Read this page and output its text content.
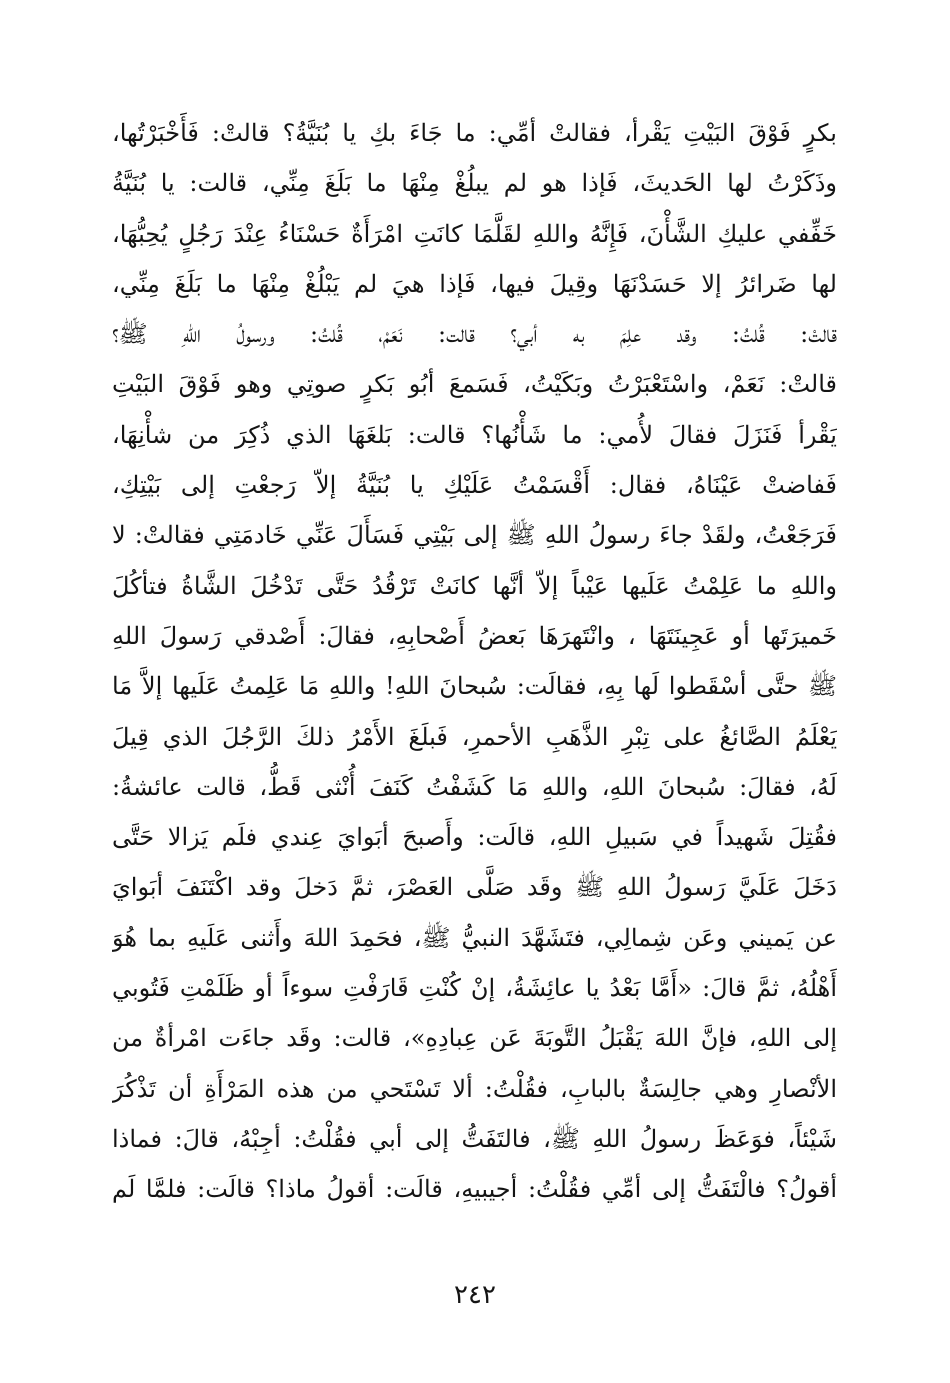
بكرٍ فَوْقَ البَيْتِ يَقْرأ، فقالتْ أمِّي: ما جَاءَ بكِ يا بُنَيَّةُ؟ قالتْ: فَأَخْبَرْتُها،
وذَكَرْتُ لها الحَديثَ، فَإذا هو لم يبلُغْ مِنْهَا ما بَلَغَ مِنِّي، قالت: يا بُنَيَّةُ
خَفِّفي عليكِ الشَّأْنَ، فَإِنَّهُ واللهِ لقَلَّمَا كانَتِ امْرَأَةٌ حَسْنَاءُ عِنْدَ رَجُلٍ يُحِبُّهَا،
لها ضَرائرُ إلا حَسَدْنَهَا وقِيلَ فيها، فَإذا هيَ لم يَبْلُغْ مِنْهَا ما بَلَغَ مِنِّي،
قالتْ: قُلتُ: وقد علِمَ به أبي؟ قالت: نَعَمْ، قُلتُ: ورسولُ اللهِ ﷺ؟
قالتْ: نَعَمْ، واسْتَعْبَرْتُ وبَكَيْتُ، فَسَمعَ أبُو بَكرٍ صوتِي وهو فَوْقَ البَيْتِ
يَقْرأ فَنَزَلَ فقالَ لأُمي: ما شَأْنُها؟ قالت: بَلغَهَا الذي ذُكِرَ من شأْنِهَا،
فَفاضتْ عَيْنَاهُ، فقال: أَقْسَمْتُ عَلَيْكِ يا بُنَيَّةُ إلاّ رَجعْتِ إلى بَيْتِكِ،
فَرَجَعْتُ، ولقَدْ جاءَ رسولُ اللهِ ﷺ إلى بَيْتِي فَسَأَلَ عَنِّي خَادمَتِي فقالتْ: لا
واللهِ ما عَلِمْتُ عَلَيها عَيْباً إلاّ أنَّها كانَتْ تَرْقُدُ حَتَّى تَدْخُلَ الشَّاةُ فتأكُلَ
خَميرَتَها أو عَجِينَتَهَا ، وانْتَهرَهَا بَعضُ أَصْحابِهِ، فقالَ: أَصْدقي رَسولَ اللهِ
ﷺ حتَّى أسْقَطوا لَها بِهِ، فقالَت: سُبحانَ اللهِ! واللهِ مَا عَلِمتُ عَلَيها إلاَّ مَا
يَعْلَمُ الصَّائغُ على تِبْرِ الذَّهَبِ الأحمرِ، فَبلَغَ الأَمْرُ ذلكَ الرَّجُلَ الذي قِيلَ
لَهُ، فقالَ: سُبحانَ اللهِ، واللهِ مَا كَشَفْتُ كَنَفَ أُنْثى قَطُّ، قالت عائشةُ:
فقُتِلَ شَهيداً في سَبيلِ اللهِ، قالَت: وأَصبحَ أبَوايَ عِندي فلَم يَزالا حَتَّى
دَخَلَ عَلَيَّ رَسولُ اللهِ ﷺ وقَد صَلَّى العَصْرَ، ثمَّ دَخلَ وقد اكْتَنَفَ أبَوايَ
عن يَميني وعَن شِمالِي، فتَشَهَّدَ النبيُّ ﷺ، فحَمِدَ اللهَ وأَثنى عَلَيهِ بما هُوَ
أَهْلُهُ، ثمَّ قالَ: «أَمَّا بَعْدُ يا عائِشَةُ، إنْ كُنْتِ قَارَفْتِ سوءاً أو ظَلَمْتِ فَتُوبي
إلى اللهِ، فإنَّ اللهَ يَقْبَلُ التَّوبَةَ عَن عِبادِهِ»، قالت: وقَد جاءَت امْرأةٌ من
الأنْصارِ وهي جالِسَةٌ بالبابِ، فقُلْتُ: ألا تَسْتَحي من هذه المَرْأَةِ أن تَذْكُرَ
شَيْئاً، فوَعَظَ رسولُ اللهِ ﷺ، فالتَفَتُّ إلى أبي فقُلْتُ: أجِبْهُ، قالَ: فماذا
أقولُ؟ فالْتَفَتُّ إلى أمِّي فقُلْتُ: أجيبيهِ، قالَت: أقولُ ماذا؟ قالَت: فلمَّا لَم
٢٤٢
